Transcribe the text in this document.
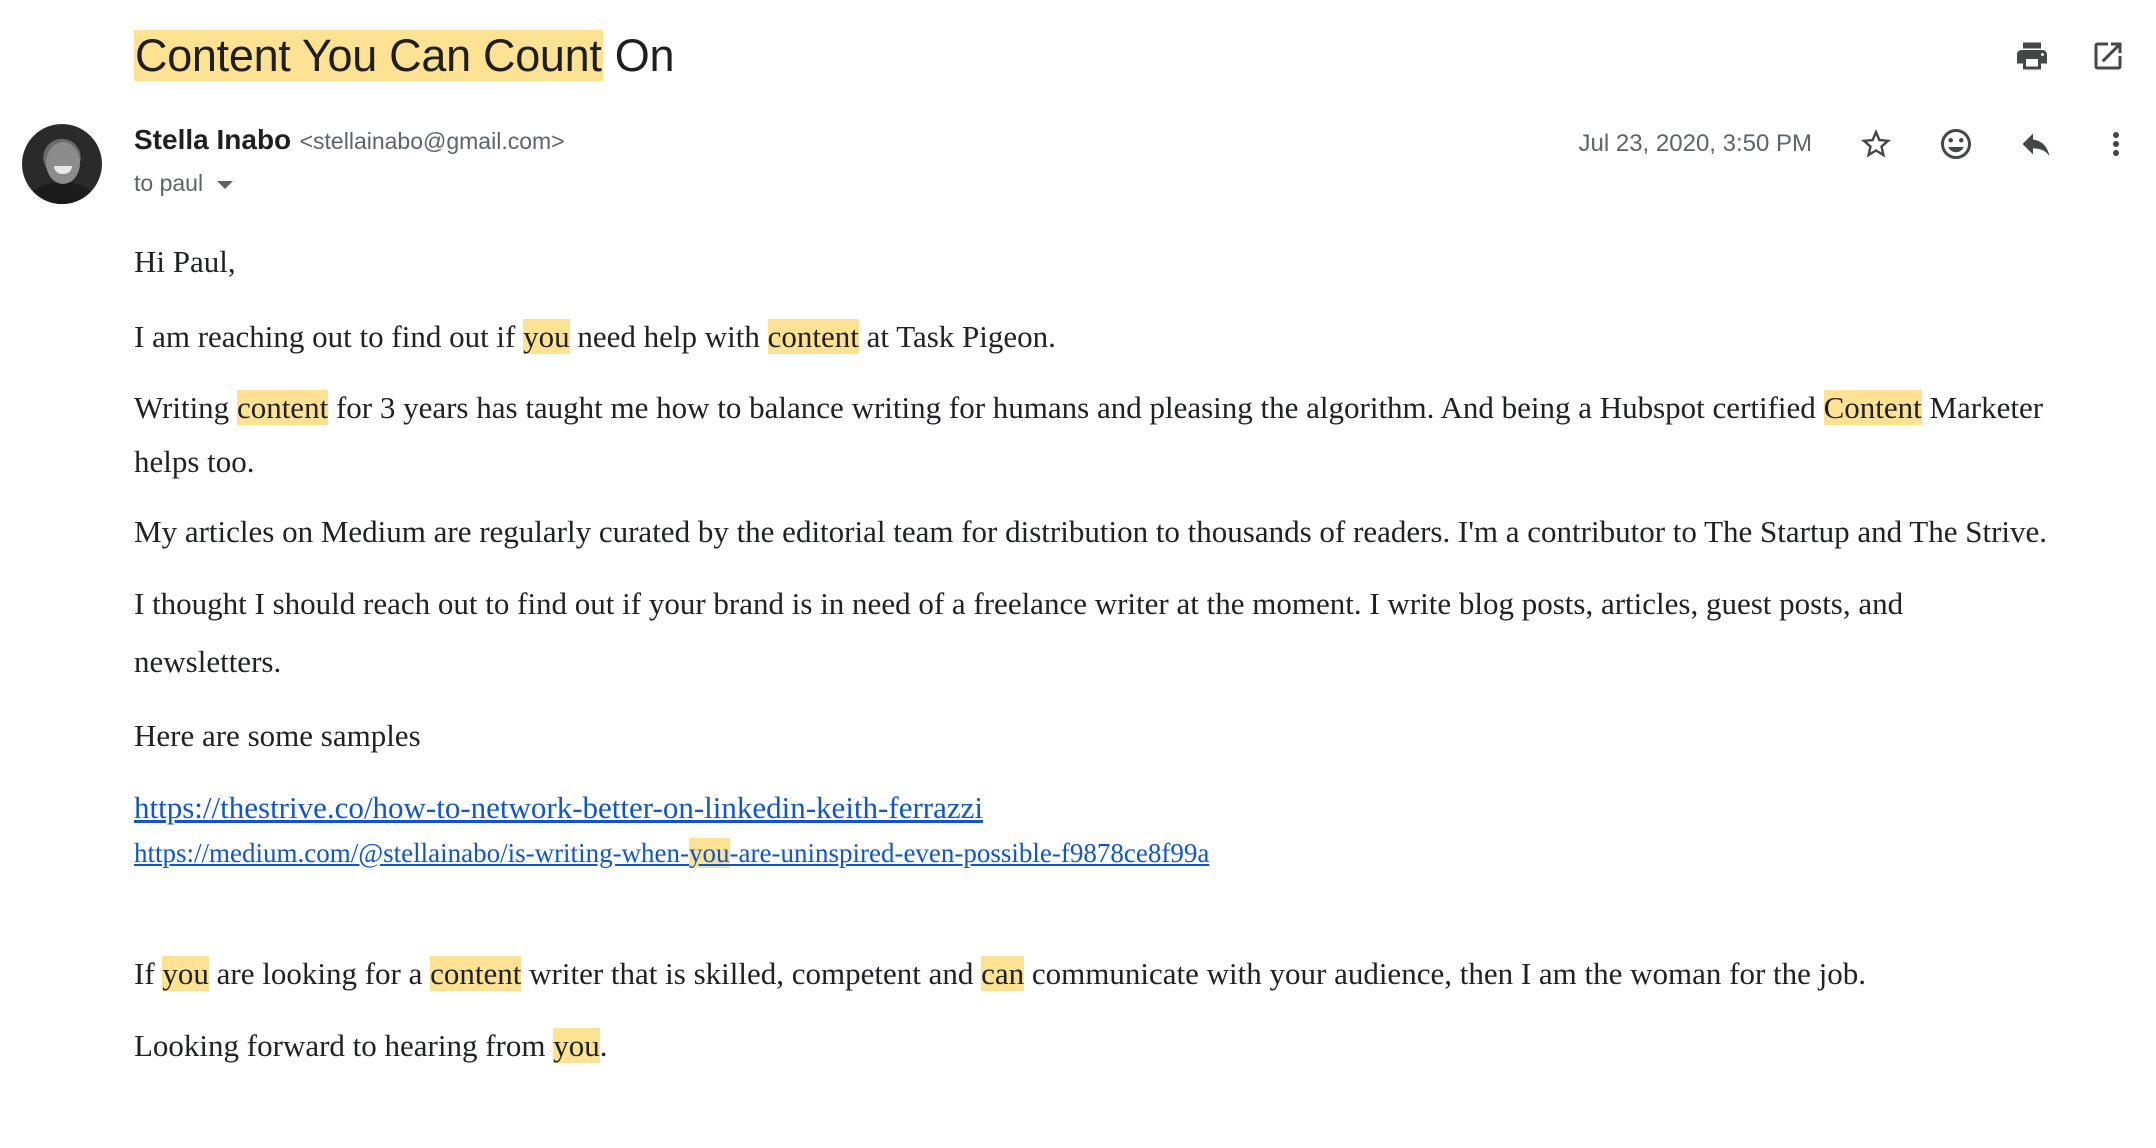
Content You Can Count On
Stella Inabo <stellainabo@gmail.com>
to paul
Jul 23, 2020, 3:50 PM

Hi Paul,

I am reaching out to find out if you need help with content at Task Pigeon.

Writing content for 3 years has taught me how to balance writing for humans and pleasing the algorithm. And being a Hubspot certified Content Marketer

helps too.

My articles on Medium are regularly curated by the editorial team for distribution to thousands of readers. I'm a contributor to The Startup and The Strive.

I thought I should reach out to find out if your brand is in need of a freelance writer at the moment. I write blog posts, articles, guest posts, and

newsletters.

Here are some samples

https://thestrive.co/how-to-network-better-on-linkedin-keith-ferrazzi
https://medium.com/@stellainabo/is-writing-when-you-are-uninspired-even-possible-f9878ce8f99a

If you are looking for a content writer that is skilled, competent and can communicate with your audience, then I am the woman for the job.

Looking forward to hearing from you.
